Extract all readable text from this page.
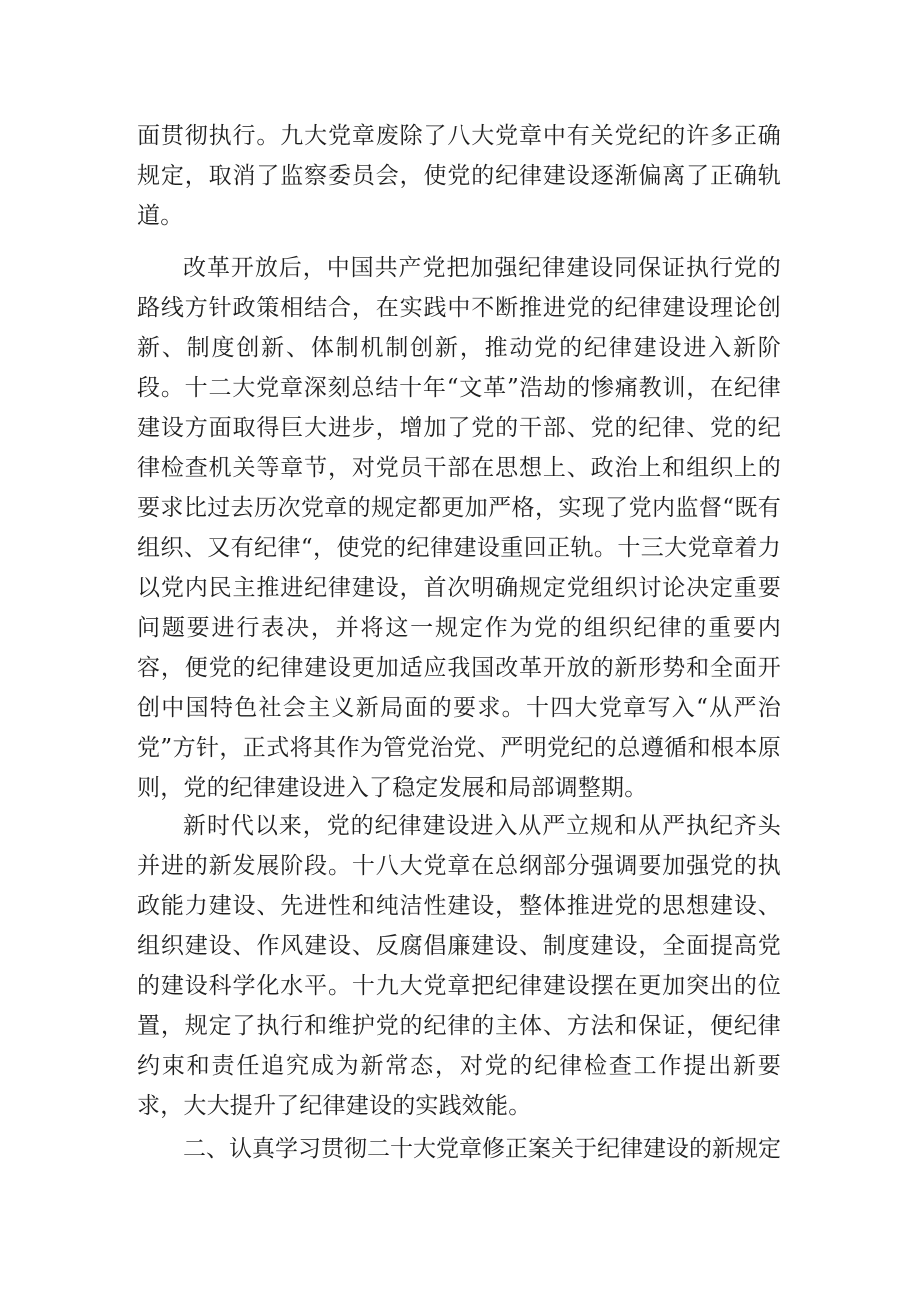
面贯彻执行。九大党章废除了八大党章中有关党纪的许多正确规定，取消了监察委员会，使党的纪律建设逐渐偏离了正确轨道。

改革开放后，中国共产党把加强纪律建设同保证执行党的路线方针政策相结合，在实践中不断推进党的纪律建设理论创新、制度创新、体制机制创新，推动党的纪律建设进入新阶段。十二大党章深刻总结十年“文革”浩劫的惨痛教训，在纪律建设方面取得巨大进步，增加了党的干部、党的纪律、党的纪律检查机关等章节，对党员干部在思想上、政治上和组织上的要求比过去历次党章的规定都更加严格，实现了党内监督“既有组织、又有纪律“，使党的纪律建设重回正轨。十三大党章着力以党内民主推进纪律建设，首次明确规定党组织讨论决定重要问题要进行表决，并将这一规定作为党的组织纪律的重要内容，便党的纪律建设更加适应我国改革开放的新形势和全面开创中国特色社会主义新局面的要求。十四大党章写入“从严治党”方针，正式将其作为管党治党、严明党纪的总遵循和根本原则，党的纪律建设进入了稳定发展和局部调整期。

新时代以来，党的纪律建设进入从严立规和从严执纪齐头并进的新发展阶段。十八大党章在总纲部分强调要加强党的执政能力建设、先进性和纯洁性建设，整体推进党的思想建设、组织建设、作风建设、反腐倡廉建设、制度建设，全面提高党的建设科学化水平。十九大党章把纪律建设摆在更加突出的位置，规定了执行和维护党的纪律的主体、方法和保证，便纪律约束和责任追究成为新常态，对党的纪律检查工作提出新要求，大大提升了纪律建设的实践效能。

二、认真学习贯彻二十大党章修正案关于纪律建设的新规定
